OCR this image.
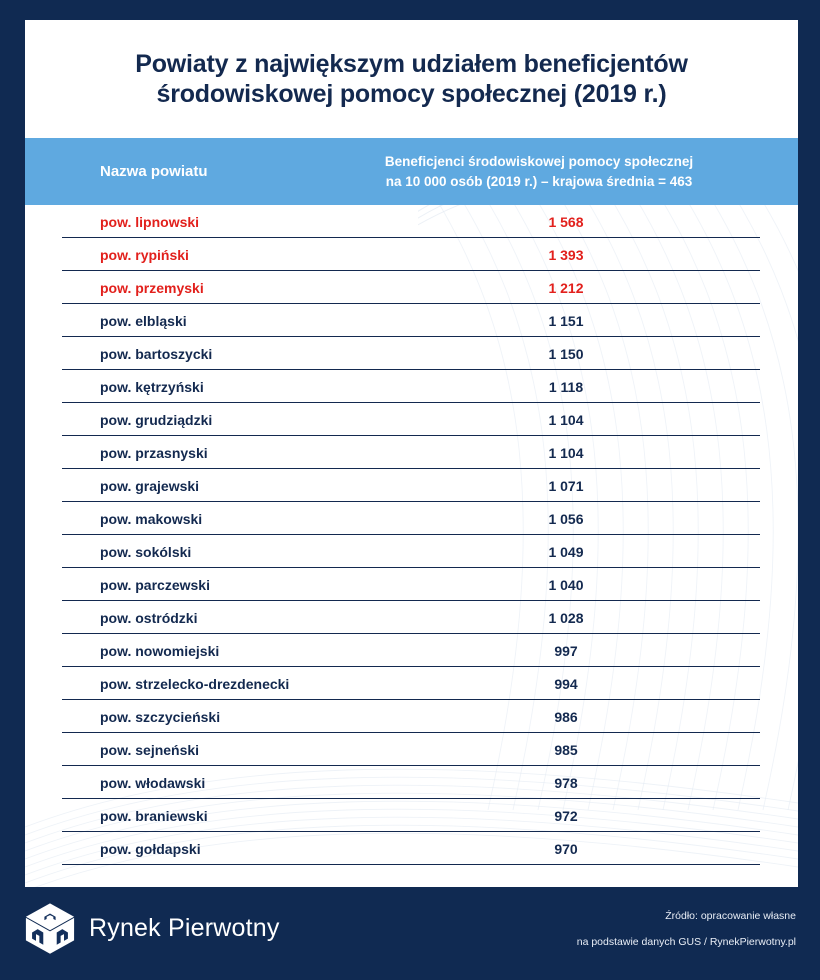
Powiaty z największym udziałem beneficjentów
środowiskowej pomocy społecznej (2019 r.)
Nazwa powiatu
Beneficjenci środowiskowej pomocy społecznej
na 10 000 osób (2019 r.) – krajowa średnia = 463
pow. lipnowski	1 568
pow. rypiński	1 393
pow. przemyski	1 212
pow. elbląski	1 151
pow. bartoszycki	1 150
pow. kętrzyński	1 118
pow. grudziądzki	1 104
pow. przasnyski	1 104
pow. grajewski	1 071
pow. makowski	1 056
pow. sokólski	1 049
pow. parczewski	1 040
pow. ostródzki	1 028
pow. nowomiejski	997
pow. strzelecko-drezdenecki	994
pow. szczycieński	986
pow. sejneński	985
pow. włodawski	978
pow. braniewski	972
pow. gołdapski	970
Rynek Pierwotny	Źródło: opracowanie własne
na podstawie danych GUS / RynekPierwotny.pl
